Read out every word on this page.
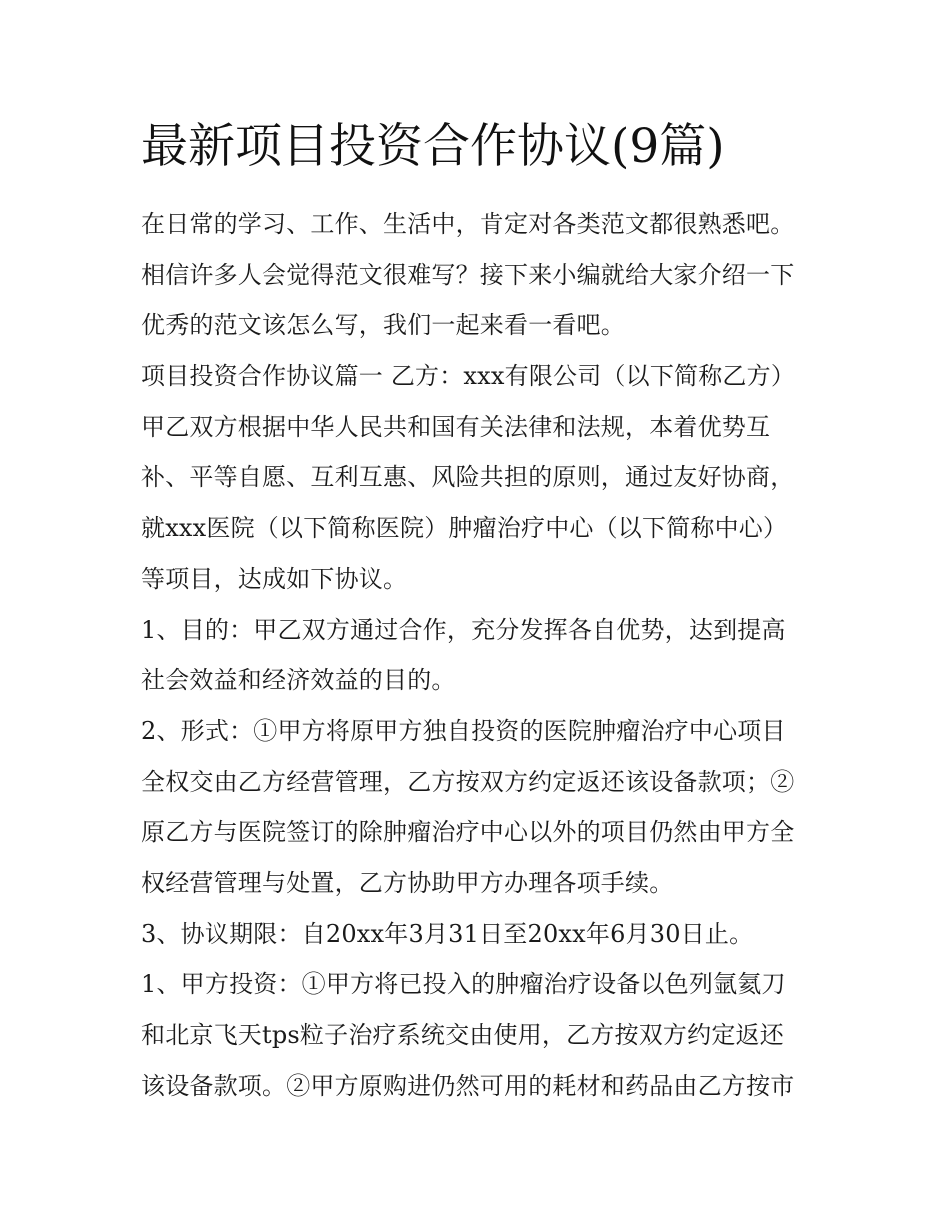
最新项目投资合作协议(9篇)
在日常的学习、工作、生活中，肯定对各类范文都很熟悉吧。
相信许多人会觉得范文很难写？接下来小编就给大家介绍一下
优秀的范文该怎么写，我们一起来看一看吧。
项目投资合作协议篇一 乙方：xxx有限公司（以下简称乙方）
甲乙双方根据中华人民共和国有关法律和法规，本着优势互
补、平等自愿、互利互惠、风险共担的原则，通过友好协商，
就xxx医院（以下简称医院）肿瘤治疗中心（以下简称中心）
等项目，达成如下协议。
1、目的：甲乙双方通过合作，充分发挥各自优势，达到提高
社会效益和经济效益的目的。
2、形式：①甲方将原甲方独自投资的医院肿瘤治疗中心项目
全权交由乙方经营管理，乙方按双方约定返还该设备款项；②
原乙方与医院签订的除肿瘤治疗中心以外的项目仍然由甲方全
权经营管理与处置，乙方协助甲方办理各项手续。
3、协议期限：自20xx年3月31日至20xx年6月30日止。
1、甲方投资：①甲方将已投入的肿瘤治疗设备以色列氩氦刀
和北京飞天tps粒子治疗系统交由使用，乙方按双方约定返还
该设备款项。②甲方原购进仍然可用的耗材和药品由乙方按市
